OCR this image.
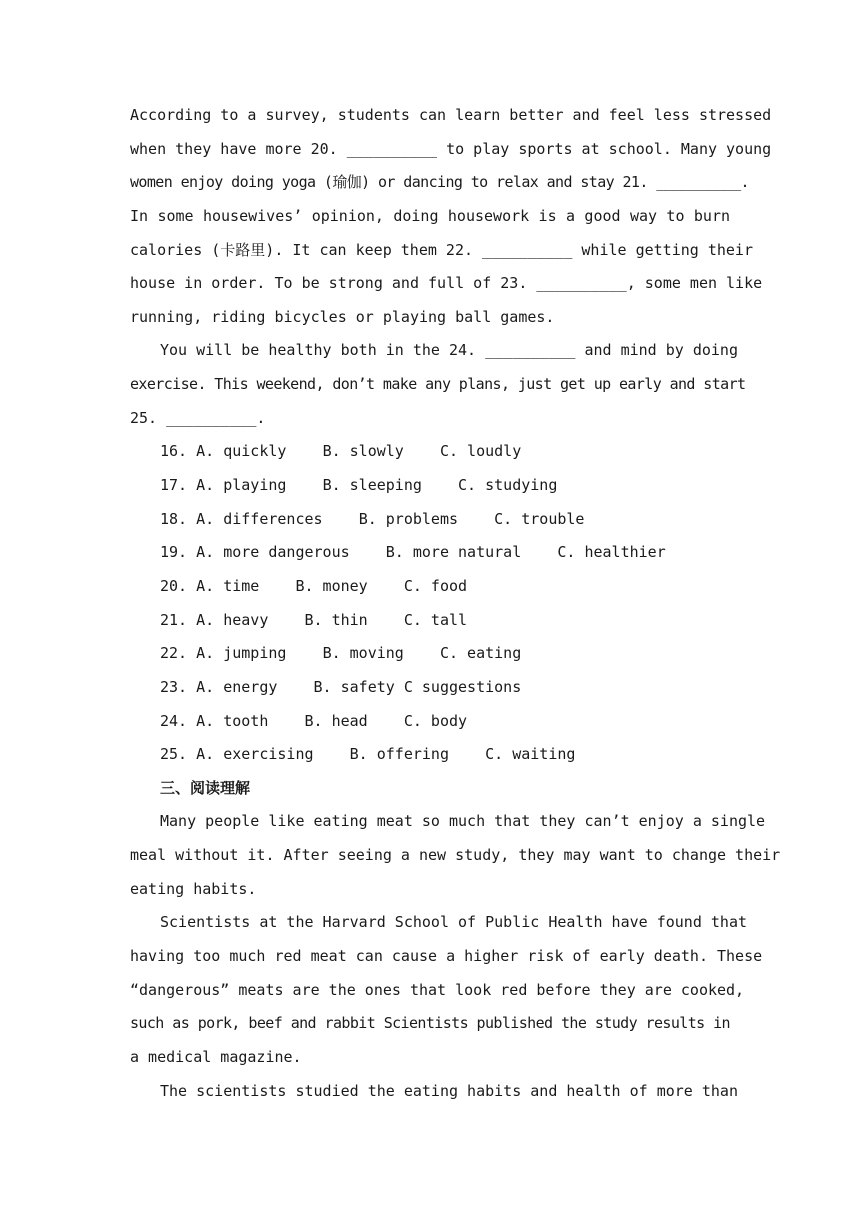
According to a survey, students can learn better and feel less stressed
when they have more 20. __________ to play sports at school. Many young
women enjoy doing yoga (瑜伽) or dancing to relax and stay 21. __________.
In some housewives’ opinion, doing housework is a good way to burn
calories (卡路里). It can keep them 22. __________ while getting their
house in order. To be strong and full of 23. __________, some men like
running, riding bicycles or playing ball games.
You will be healthy both in the 24. __________ and mind by doing
exercise. This weekend, don’t make any plans, just get up early and start
25. __________.
16. A. quickly B. slowly C. loudly
17. A. playing B. sleeping C. studying
18. A. differences B. problems C. trouble
19. A. more dangerous B. more natural C. healthier
20. A. time B. money C. food
21. A. heavy B. thin C. tall
22. A. jumping B. moving C. eating
23. A. energy B. safety C suggestions
24. A. tooth B. head C. body
25. A. exercising B. offering C. waiting
三、阅读理解
Many people like eating meat so much that they can’t enjoy a single
meal without it. After seeing a new study, they may want to change their
eating habits.
Scientists at the Harvard School of Public Health have found that
having too much red meat can cause a higher risk of early death. These
“dangerous” meats are the ones that look red before they are cooked,
such as pork, beef and rabbit Scientists published the study results in
a medical magazine.
The scientists studied the eating habits and health of more than
